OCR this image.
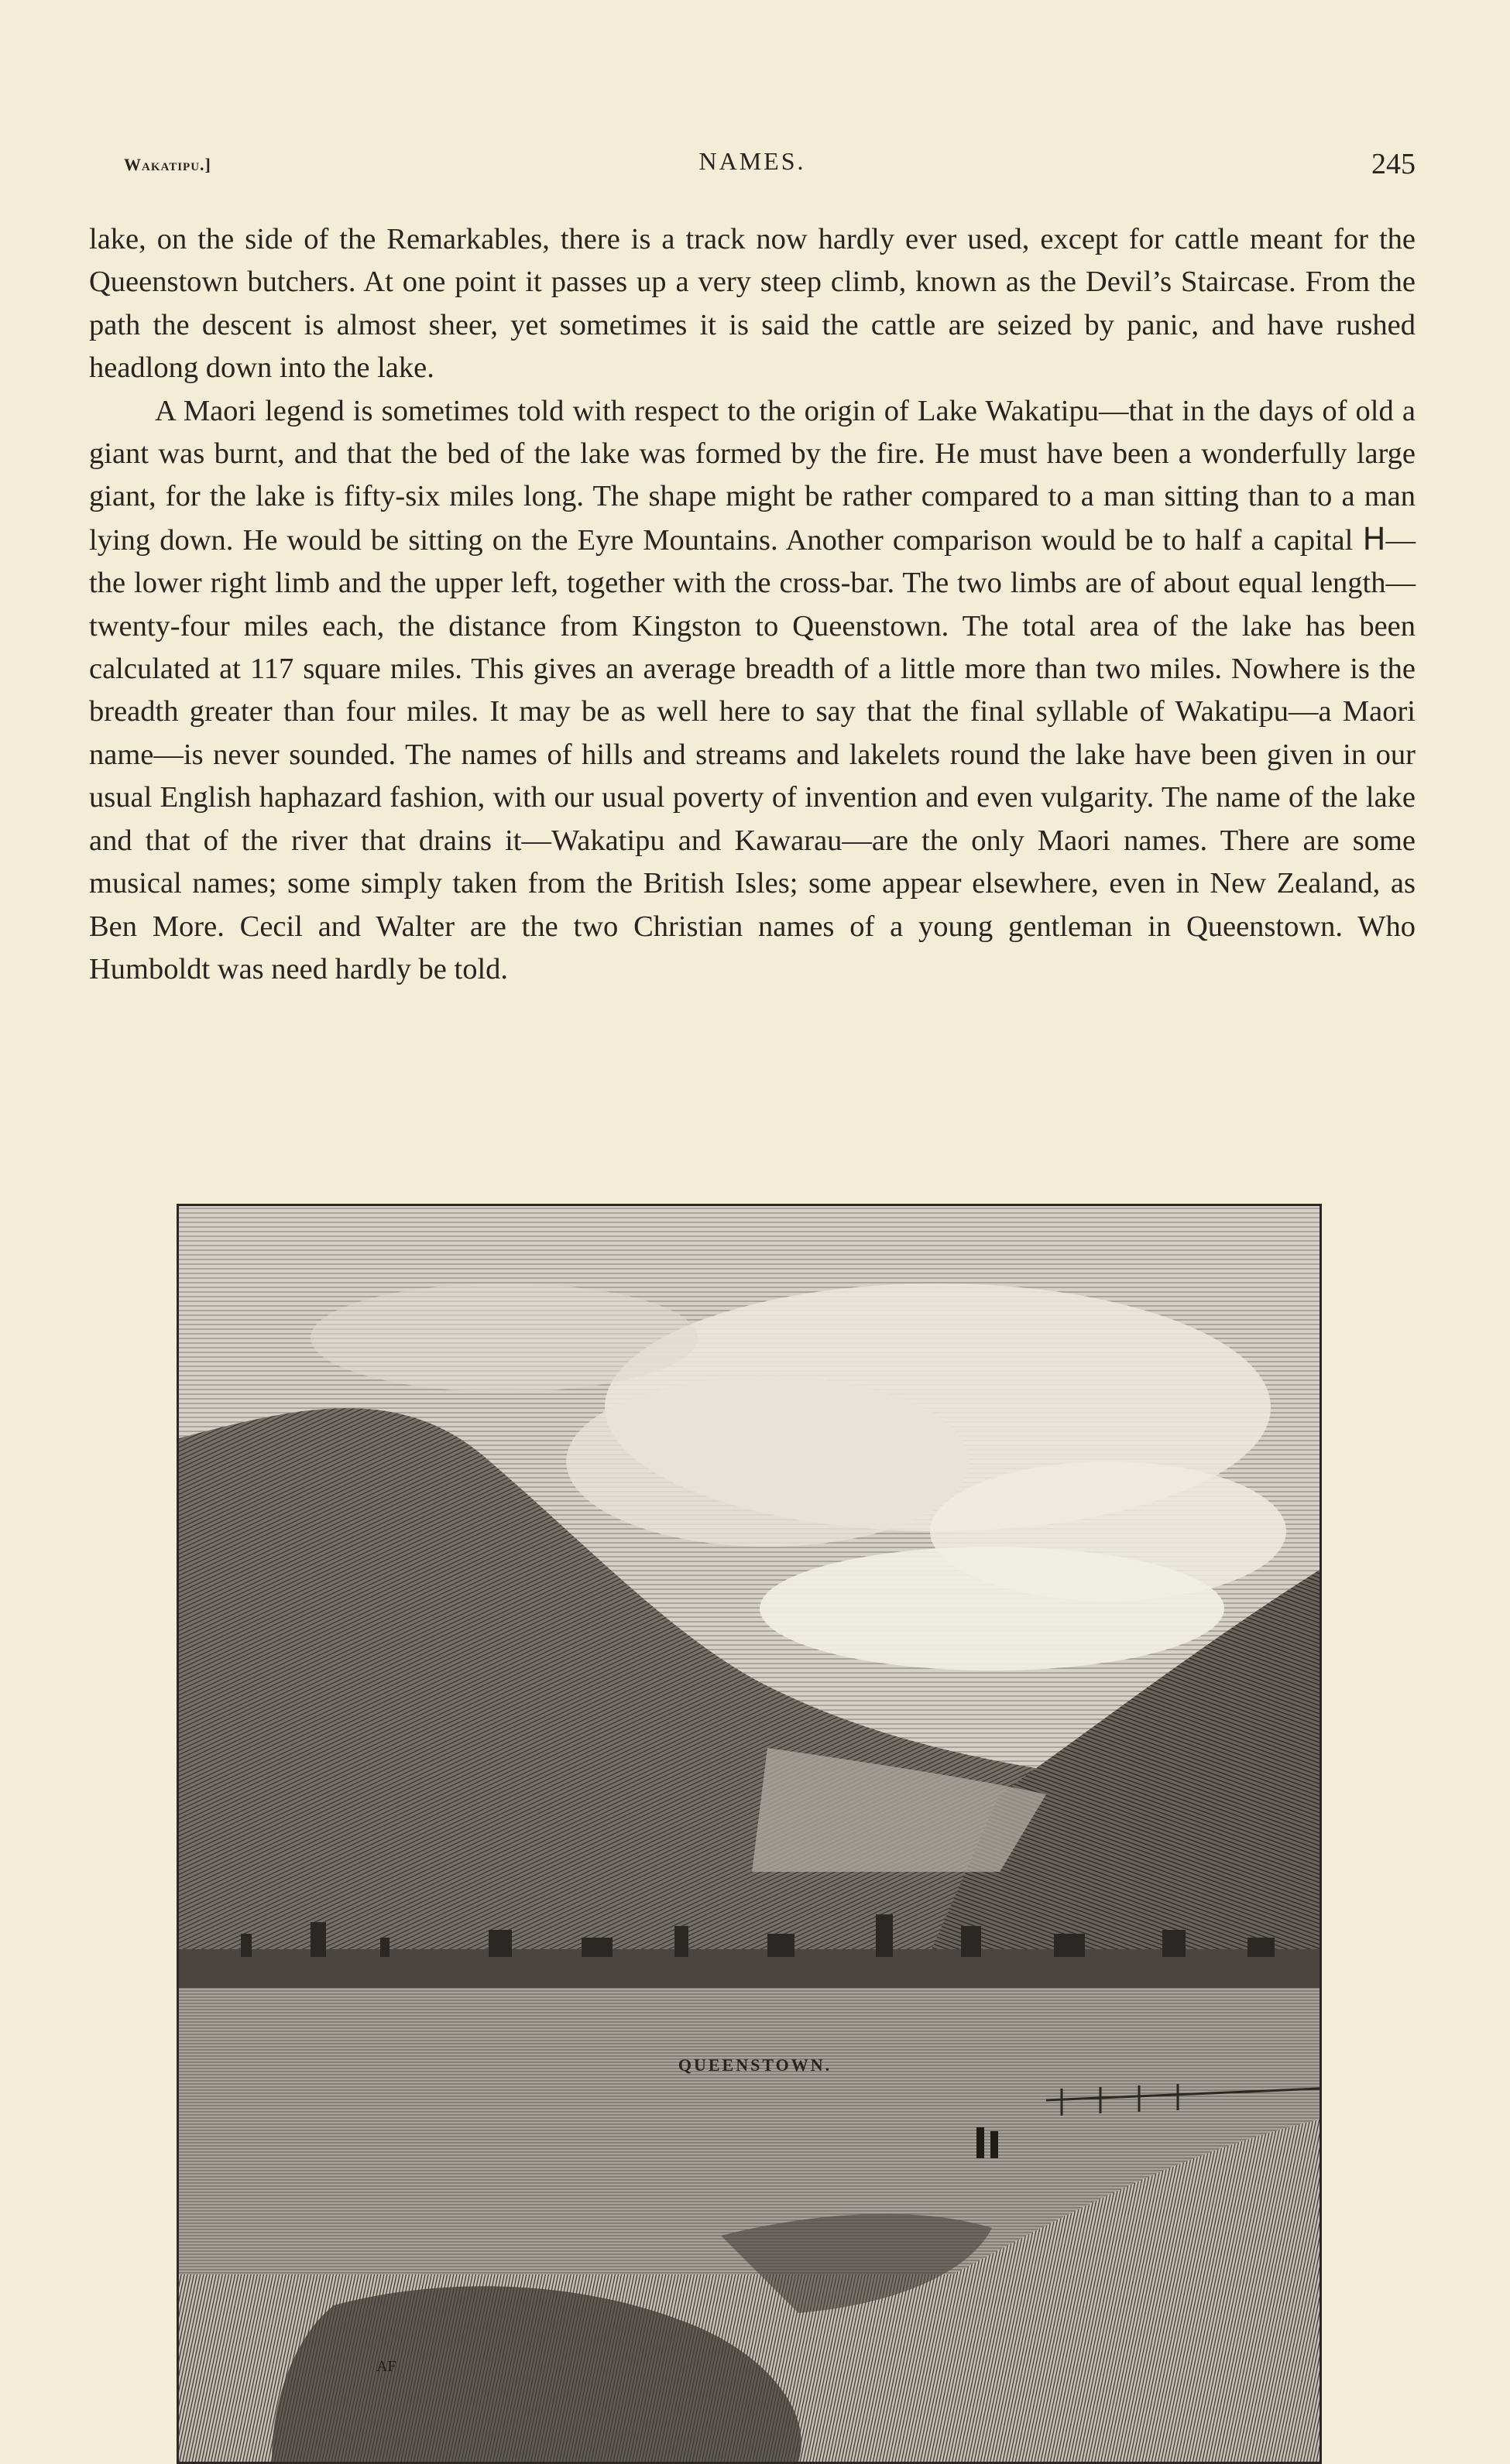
Wakatipu.]	NAMES.	245

lake, on the side of the Remarkables, there is a track now hardly ever used, except for cattle meant for the Queenstown butchers. At one point it passes up a very steep climb, known as the Devil’s Staircase. From the path the descent is almost sheer, yet sometimes it is said the cattle are seized by panic, and have rushed headlong down into the lake.

A Maori legend is sometimes told with respect to the origin of Lake Wakatipu—that in the days of old a giant was burnt, and that the bed of the lake was formed by the fire. He must have been a wonderfully large giant, for the lake is fifty-six miles long. The shape might be rather compared to a man sitting than to a man lying down. He would be sitting on the Eyre Mountains. Another comparison would be to half a capital H—the lower right limb and the upper left, together with the cross-bar. The two limbs are of about equal length—twenty-four miles each, the distance from Kingston to Queenstown. The total area of the lake has been calculated at 117 square miles. This gives an average breadth of a little more than two miles. Nowhere is the breadth greater than four miles. It may be as well here to say that the final syllable of Wakatipu—a Maori name—is never sounded. The names of hills and streams and lakelets round the lake have been given in our usual English haphazard fashion, with our usual poverty of invention and even vulgarity. The name of the lake and that of the river that drains it—Wakatipu and Kawarau—are the only Maori names. There are some musical names; some simply taken from the British Isles; some appear elsewhere, even in New Zealand, as Ben More. Cecil and Walter are the two Christian names of a young gentleman in Queenstown. Who Humboldt was need hardly be told.

AF
QUEENSTOWN.
